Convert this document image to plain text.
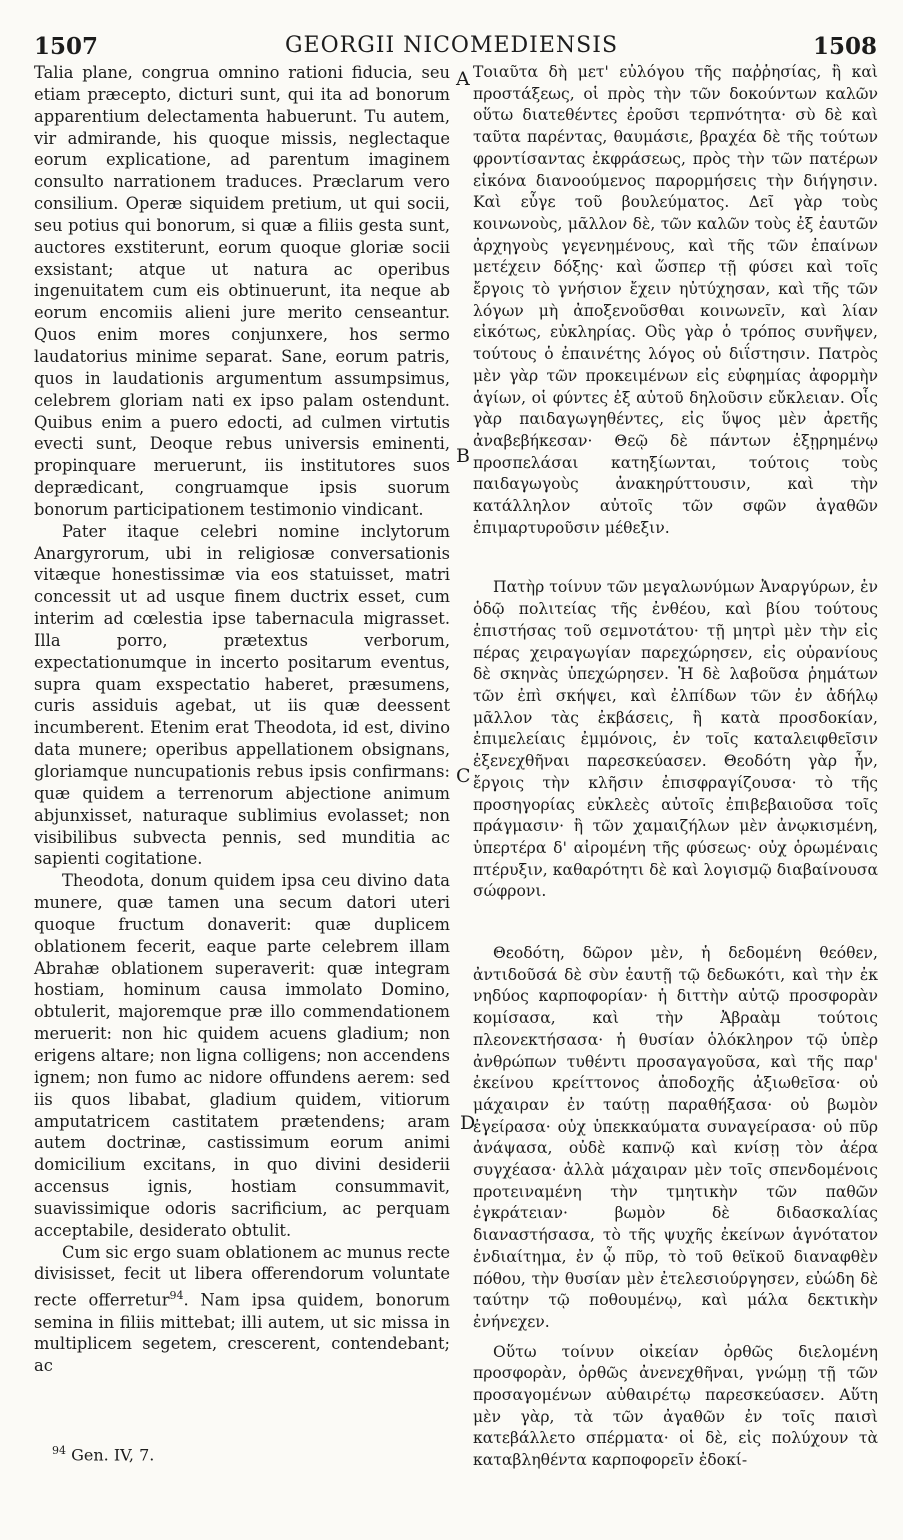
1507	GEORGII NICOMEDIENSIS	1508

Talia plane, congrua omnino rationi fiducia, seu etiam præcepto, dicturi sunt, qui ita ad bonorum apparentium delectamenta habuerunt. Tu autem, vir admirande, his quoque missis, neglectaque eorum explicatione, ad parentum imaginem consulto narrationem traduces. Præclarum vero consilium. Operæ siquidem pretium, ut qui socii, seu potius qui bonorum, si quæ a filiis gesta sunt, auctores exstiterunt, eorum quoque gloriæ socii exsistant; atque ut natura ac operibus ingenuitatem cum eis obtinuerunt, ita neque ab eorum encomiis alieni jure merito censeantur. Quos enim mores conjunxere, hos sermo laudatorius minime separat. Sane, eorum patris, quos in laudationis argumentum assumpsimus, celebrem gloriam nati ex ipso palam ostendunt. Quibus enim a puero edocti, ad culmen virtutis evecti sunt, Deoque rebus universis eminenti, propinquare meruerunt, iis institutores suos deprædicant, congruamque ipsis suorum bonorum participationem testimonio vindicant.

Pater itaque celebri nomine inclytorum Anargyrorum, ubi in religiosæ conversationis vitæque honestissimæ via eos statuisset, matri concessit ut ad usque finem ductrix esset, cum interim ad cœlestia ipse tabernacula migrasset. Illa porro, prætextus verborum, expectationumque in incerto positarum eventus, supra quam exspectatio haberet, præsumens, curis assiduis agebat, ut iis quæ deessent incumberent. Etenim erat Theodota, id est, divino data munere; operibus appellationem obsignans, gloriamque nuncupationis rebus ipsis confirmans: quæ quidem a terrenorum abjectione animum abjunxisset, naturaque sublimius evolasset; non visibilibus subvecta pennis, sed munditia ac sapienti cogitatione.

Theodota, donum quidem ipsa ceu divino data munere, quæ tamen una secum datori uteri quoque fructum donaverit: quæ duplicem oblationem fecerit, eaque parte celebrem illam Abrahæ oblationem superaverit: quæ integram hostiam, hominum causa immolato Domino, obtulerit, majoremque præ illo commendationem meruerit: non hic quidem acuens gladium; non erigens altare; non ligna colligens; non accendens ignem; non fumo ac nidore offundens aerem: sed iis quos libabat, gladium quidem, vitiorum amputatricem castitatem prætendens; aram autem doctrinæ, castissimum eorum animi domicilium excitans, in quo divini desiderii accensus ignis, hostiam consummavit, suavissimique odoris sacrificium, ac perquam acceptabile, desiderato obtulit.

Cum sic ergo suam oblationem ac munus recte divisisset, fecit ut libera offerendorum voluntate recte offerretur$^{94}$. Nam ipsa quidem, bonorum semina in filiis mittebat; illi autem, ut sic missa in multiplicem segetem, crescerent, contendebant; ac

A
B
C
D

Τοιαῦτα δὴ μετ' εὐλόγου τῆς παῤῥησίας, ἢ καὶ προστάξεως, οἱ πρὸς τὴν τῶν δοκούντων καλῶν οὕτω διατεθέντες ἐροῦσι τερπνότητα· σὺ δὲ καὶ ταῦτα παρέντας, θαυμάσιε, βραχέα δὲ τῆς τούτων φροντίσαντας ἐκφράσεως, πρὸς τὴν τῶν πατέρων εἰκόνα διανοούμενος παρορμήσεις τὴν διήγησιν. Καὶ εὖγε τοῦ βουλεύματος. Δεῖ γὰρ τοὺς κοινωνοὺς, μᾶλλον δὲ, τῶν καλῶν τοὺς ἐξ ἑαυτῶν ἀρχηγοὺς γεγενημένους, καὶ τῆς τῶν ἐπαίνων μετέχειν δόξης· καὶ ὥσπερ τῇ φύσει καὶ τοῖς ἔργοις τὸ γνήσιον ἔχειν ηὐτύχησαν, καὶ τῆς τῶν λόγων μὴ ἀποξενοῦσθαι κοινωνεῖν, καὶ λίαν εἰκότως, εὐκληρίας. Οὓς γὰρ ὁ τρόπος συνῆψεν, τούτους ὁ ἐπαινέτης λόγος οὐ διΐστησιν. Πατρὸς μὲν γὰρ τῶν προκειμένων εἰς εὐφημίας ἀφορμὴν ἁγίων, οἱ φύντες ἐξ αὐτοῦ δηλοῦσιν εὔκλειαν. Οἷς γὰρ παιδαγωγηθέντες, εἰς ὕψος μὲν ἀρετῆς ἀναβεβήκεσαν· Θεῷ δὲ πάντων ἐξῃρημένῳ προσπελάσαι κατηξίωνται, τούτοις τοὺς παιδαγωγοὺς ἀνακηρύττουσιν, καὶ τὴν κατάλληλον αὐτοῖς τῶν σφῶν ἀγαθῶν ἐπιμαρτυροῦσιν μέθεξιν.

Πατὴρ τοίνυν τῶν μεγαλωνύμων Ἀναργύρων, ἐν ὁδῷ πολιτείας τῆς ἐνθέου, καὶ βίου τούτους ἐπιστήσας τοῦ σεμνοτάτου· τῇ μητρὶ μὲν τὴν εἰς πέρας χειραγωγίαν παρεχώρησεν, εἰς οὐρανίους δὲ σκηνὰς ὑπεχώρησεν. Ἡ δὲ λαβοῦσα ῥημάτων τῶν ἐπὶ σκήψει, καὶ ἐλπίδων τῶν ἐν ἀδήλῳ μᾶλλον τὰς ἐκβάσεις, ἢ κατὰ προσδοκίαν, ἐπιμελείαις ἐμμόνοις, ἐν τοῖς καταλειφθεῖσιν ἐξενεχθῆναι παρεσκεύασεν. Θεοδότη γὰρ ἦν, ἔργοις τὴν κλῆσιν ἐπισφραγίζουσα· τὸ τῆς προσηγορίας εὐκλεὲς αὐτοῖς ἐπιβεβαιοῦσα τοῖς πράγμασιν· ἢ τῶν χαμαιζήλων μὲν ἀνῳκισμένη, ὑπερτέρα δ' αἰρομένη τῆς φύσεως· οὐχ ὁρωμέναις πτέρυξιν, καθαρότητι δὲ καὶ λογισμῷ διαβαίνουσα σώφρονι.

Θεοδότη, δῶρον μὲν, ἡ δεδομένη θεόθεν, ἀντιδοῦσά δὲ σὺν ἑαυτῇ τῷ δεδωκότι, καὶ τὴν ἐκ νηδύος καρποφορίαν· ἡ διττὴν αὐτῷ προσφορὰν κομίσασα, καὶ τὴν Ἀβραὰμ τούτοις πλεονεκτήσασα· ἡ θυσίαν ὁλόκληρον τῷ ὑπὲρ ἀνθρώπων τυθέντι προσαγαγοῦσα, καὶ τῆς παρ' ἐκείνου κρείττονος ἀποδοχῆς ἀξιωθεῖσα· οὐ μάχαιραν ἐν ταύτῃ παραθήξασα· οὐ βωμὸν ἐγείρασα· οὐχ ὑπεκκαύματα συναγείρασα· οὐ πῦρ ἀνάψασα, οὐδὲ καπνῷ καὶ κνίσῃ τὸν ἀέρα συγχέασα· ἀλλὰ μάχαιραν μὲν τοῖς σπενδομένοις προτειναμένη τὴν τμητικὴν τῶν παθῶν ἐγκράτειαν· βωμὸν δὲ διδασκαλίας διαναστήσασα, τὸ τῆς ψυχῆς ἐκείνων ἁγνότατον ἐνδιαίτημα, ἐν ᾧ πῦρ, τὸ τοῦ θεϊκοῦ διαναφθὲν πόθου, τὴν θυσίαν μὲν ἐτελεσιούργησεν, εὐώδη δὲ ταύτην τῷ ποθουμένῳ, καὶ μάλα δεκτικὴν ἐνήνεχεν.

Οὕτω τοίνυν οἰκείαν ὀρθῶς διελομένη προσφορὰν, ὀρθῶς ἀνενεχθῆναι, γνώμῃ τῇ τῶν προσαγομένων αὐθαιρέτῳ παρεσκεύασεν. Αὕτη μὲν γὰρ, τὰ τῶν ἀγαθῶν ἐν τοῖς παισὶ κατεβάλλετο σπέρματα· οἱ δὲ, εἰς πολύχουν τὰ καταβληθέντα καρποφορεῖν ἐδοκί-

$^{94}$ Gen. IV, 7.
